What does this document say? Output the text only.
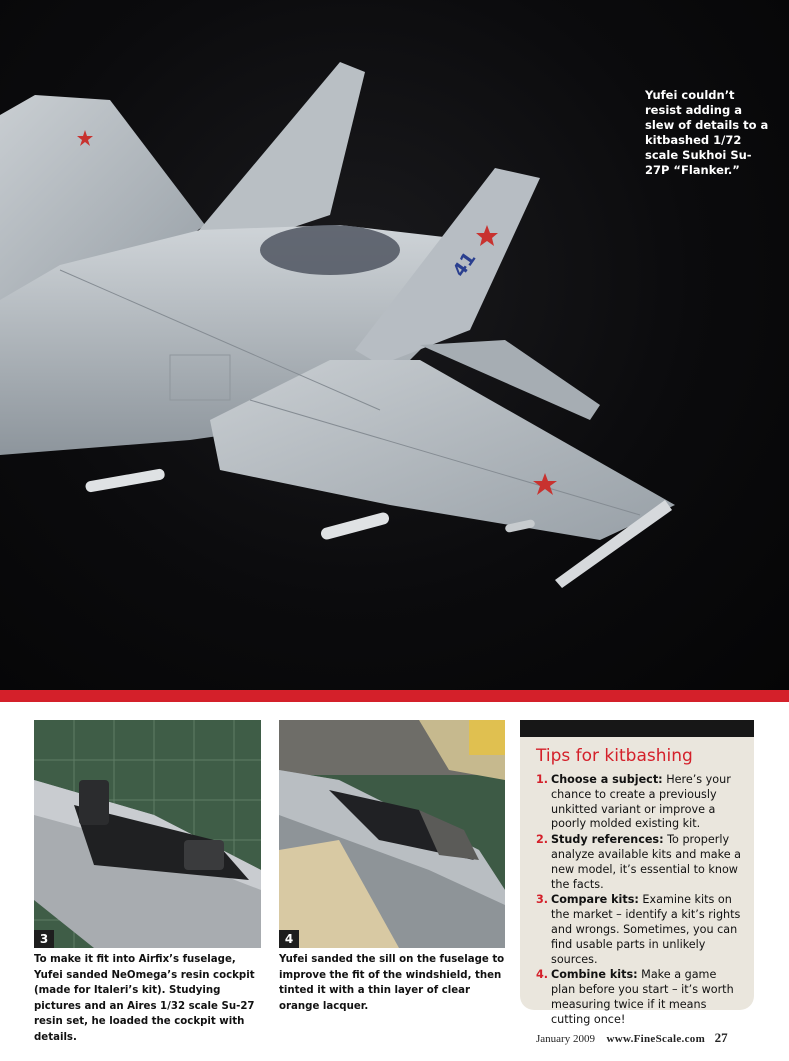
41
Yufei couldn’t resist adding a slew of details to a kitbashed 1/72 scale Sukhoi Su-27P “Flanker.”
3	4
To make it fit into Airfix’s fuselage, Yufei sanded NeOmega’s resin cockpit (made for Italeri’s kit). Studying pictures and an Aires 1/32 scale Su-27 resin set, he loaded the cockpit with details.
Yufei sanded the sill on the fuselage to improve the fit of the windshield, then tinted it with a thin layer of clear orange lacquer.
Tips for kitbashing
1. Choose a subject: Here’s your chance to create a previously unkitted variant or improve a poorly molded existing kit.
2. Study references: To properly analyze available kits and make a new model, it’s essential to know the facts.
3. Compare kits: Examine kits on the market – identify a kit’s rights and wrongs. Sometimes, you can find usable parts in unlikely sources.
4. Combine kits: Make a game plan before you start – it’s worth measuring twice if it means cutting once!
January 2009 www.FineScale.com 27
